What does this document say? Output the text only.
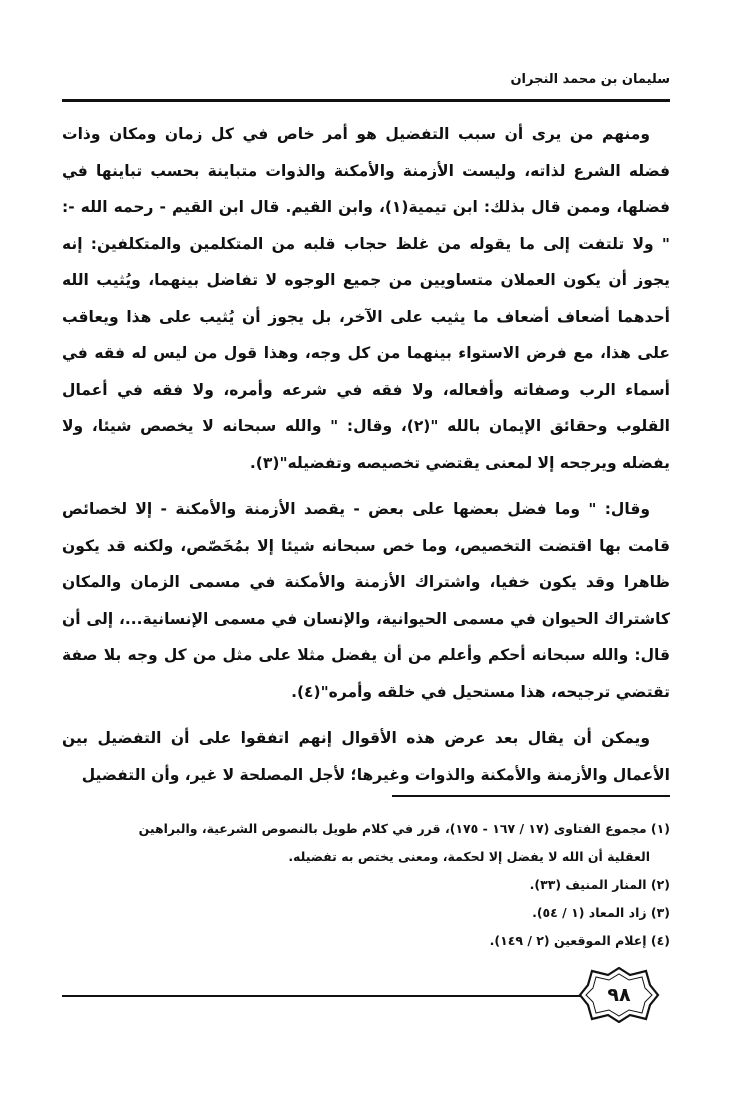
سليمان بن محمد النجران

ومنهم من يرى أن سبب التفضيل هو أمر خاص في كل زمان ومكان وذات فضله الشرع لذاته، وليست الأزمنة والأمكنة والذوات متباينة بحسب تباينها في فضلها، وممن قال بذلك: ابن تيمية(١)، وابن القيم. قال ابن القيم - رحمه الله -: " ولا تلتفت إلى ما يقوله من غلظ حجاب قلبه من المتكلمين والمتكلفين: إنه يجوز أن يكون العملان متساويين من جميع الوجوه لا تفاضل بينهما، ويُثيب الله أحدهما أضعاف أضعاف ما يثيب على الآخر، بل يجوز أن يُثيب على هذا ويعاقب على هذا، مع فرض الاستواء بينهما من كل وجه، وهذا قول من ليس له فقه في أسماء الرب وصفاته وأفعاله، ولا فقه في شرعه وأمره، ولا فقه في أعمال القلوب وحقائق الإيمان بالله "(٢)، وقال: " والله سبحانه لا يخصص شيئا، ولا يفضله ويرجحه إلا لمعنى يقتضي تخصيصه وتفضيله"(٣).

وقال: " وما فضل بعضها على بعض - يقصد الأزمنة والأمكنة - إلا لخصائص قامت بها اقتضت التخصيص، وما خص سبحانه شيئا إلا بمُخَصّص، ولكنه قد يكون ظاهرا وقد يكون خفيا، واشتراك الأزمنة والأمكنة في مسمى الزمان والمكان كاشتراك الحيوان في مسمى الحيوانية، والإنسان في مسمى الإنسانية...، إلى أن قال: والله سبحانه أحكم وأعلم من أن يفضل مثلا على مثل من كل وجه بلا صفة تقتضي ترجيحه، هذا مستحيل في خلقه وأمره"(٤).

ويمكن أن يقال بعد عرض هذه الأقوال إنهم اتفقوا على أن التفضيل بين الأعمال والأزمنة والأمكنة والذوات وغيرها؛ لأجل المصلحة لا غير، وأن التفضيل

(١) مجموع الفتاوى (١٧ / ١٦٧ - ١٧٥)، قرر في كلام طويل بالنصوص الشرعية، والبراهين

العقلية أن الله لا يفضل إلا لحكمة، ومعنى يختص به تفضيله.

(٢) المنار المنيف (٣٣).

(٣) زاد المعاد (١ / ٥٤).

(٤) إعلام الموقعين (٢ / ١٤٩).

٩٨
